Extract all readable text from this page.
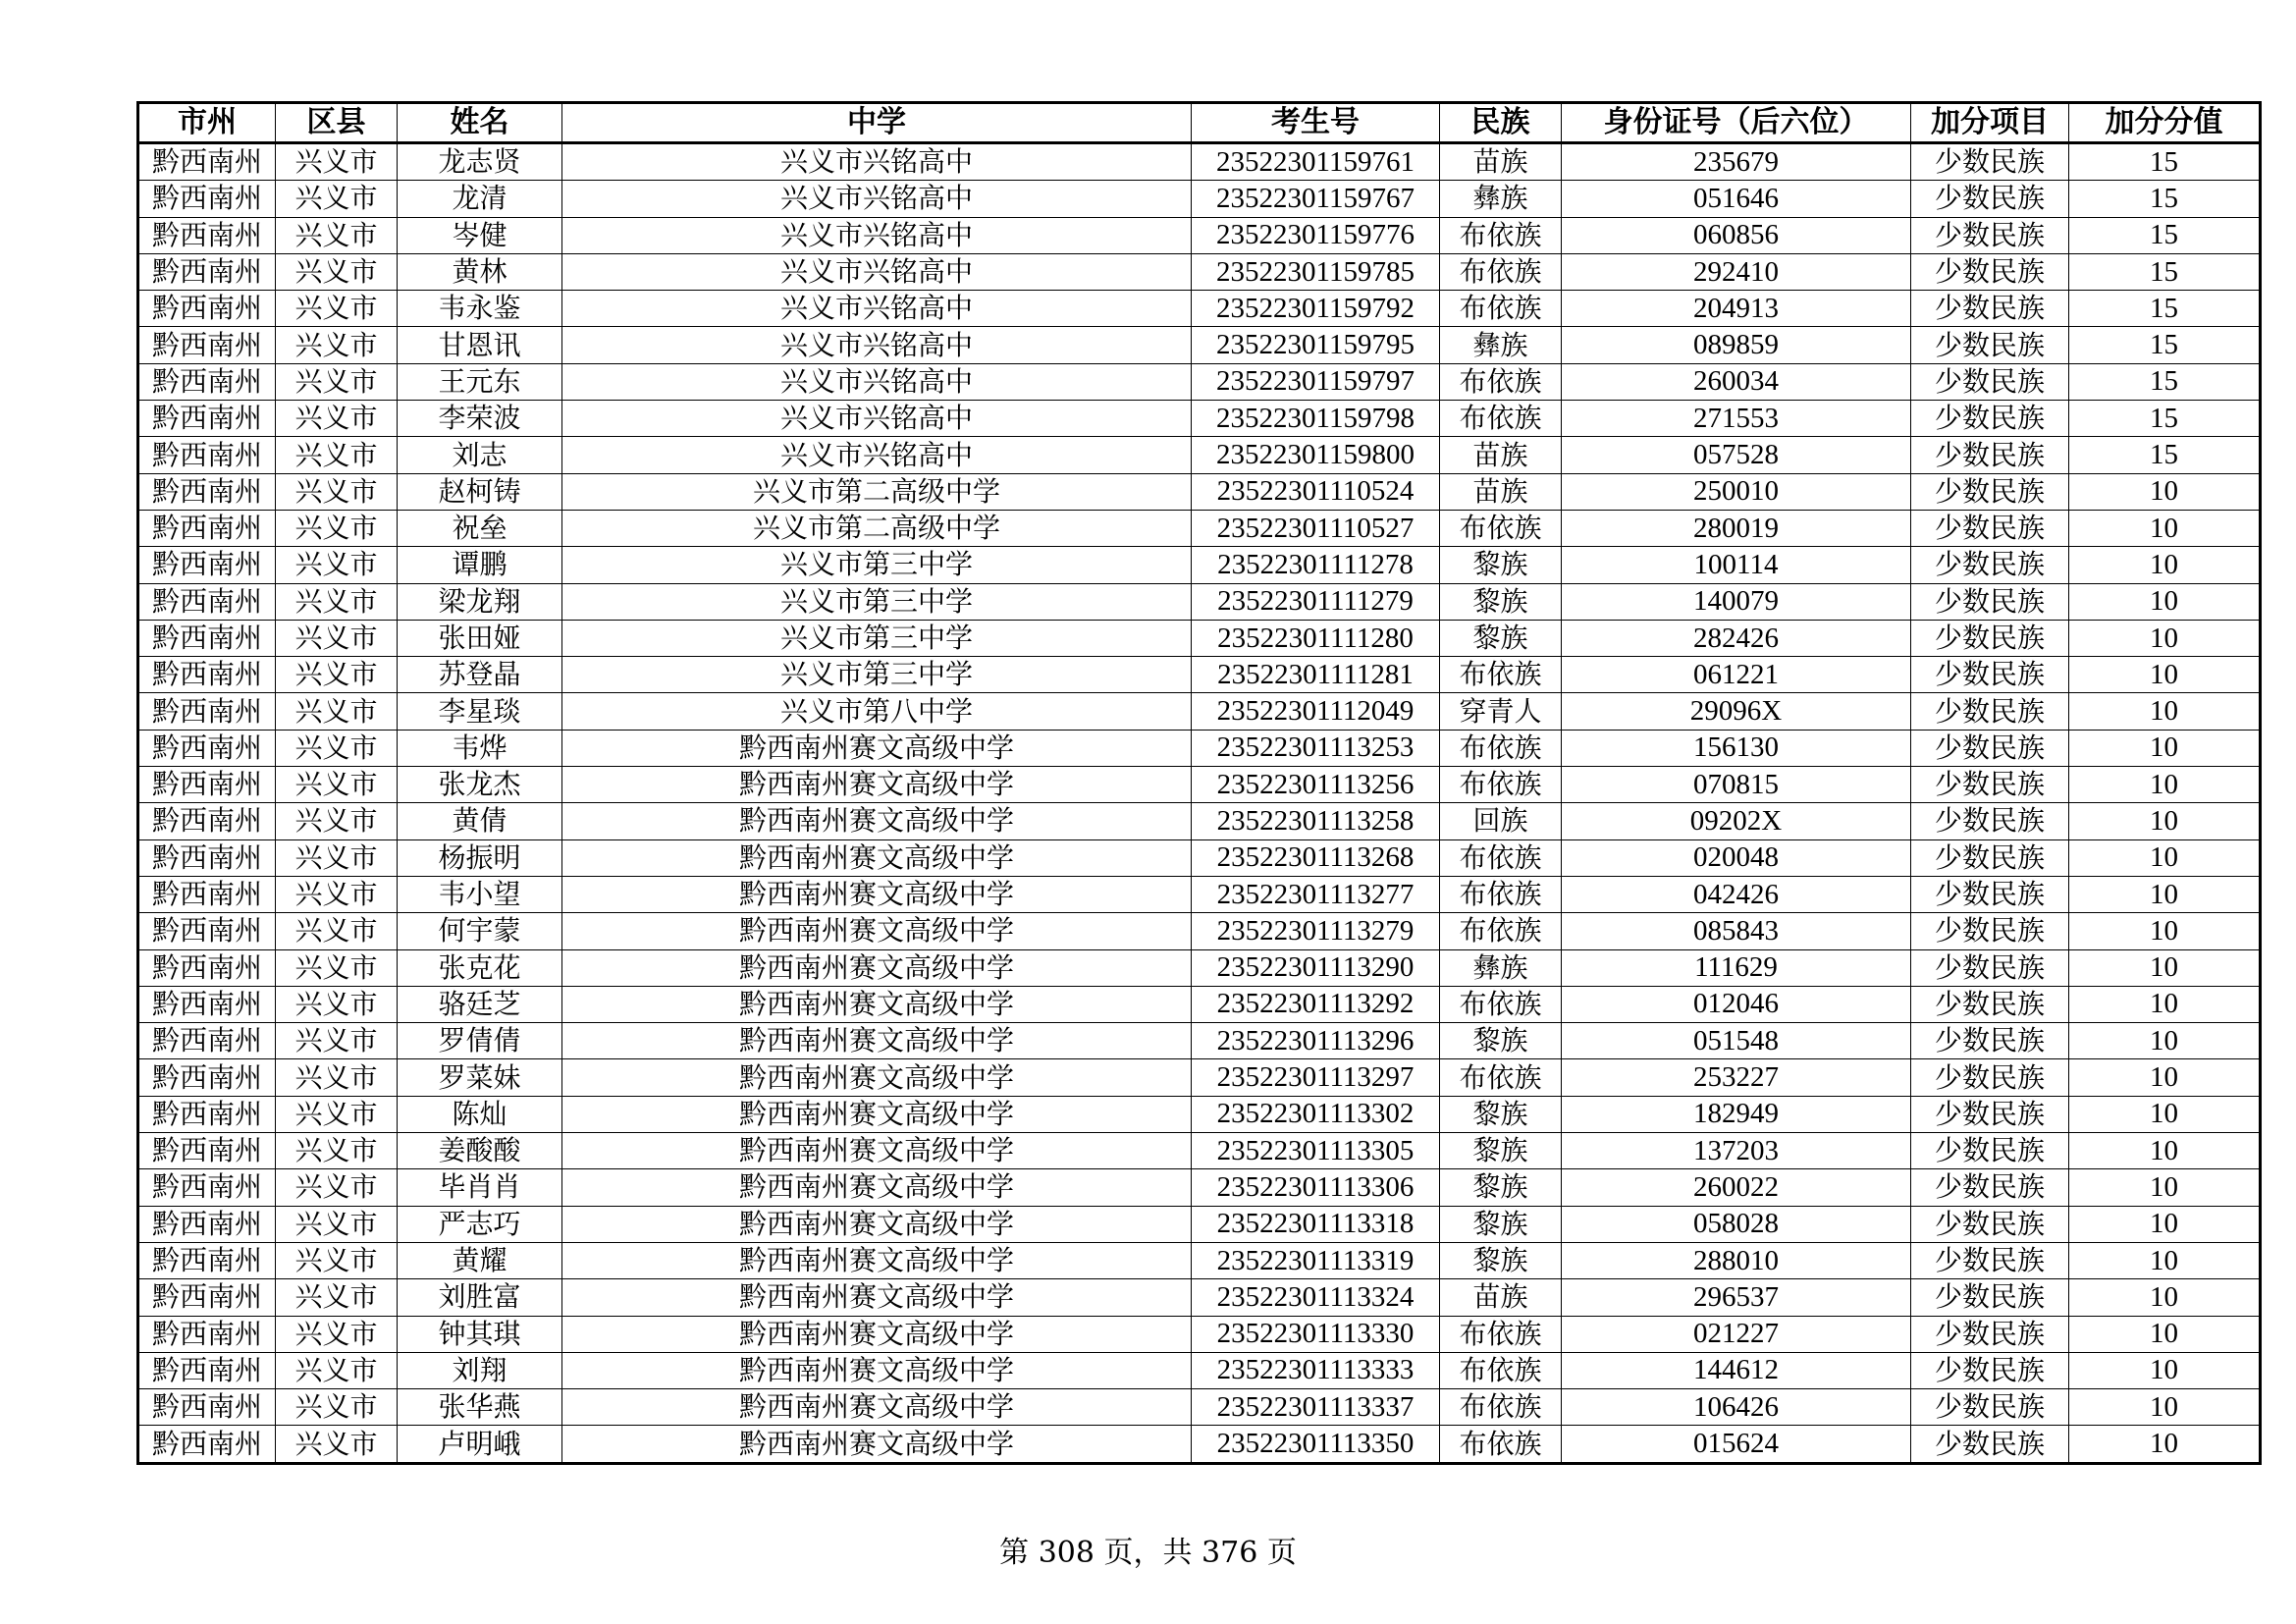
市州	区县	姓名	中学	考生号	民族	身份证号（后六位）	加分项目	加分分值
黔西南州	兴义市	龙志贤	兴义市兴铭高中	23522301159761	苗族	235679	少数民族	15
黔西南州	兴义市	龙清	兴义市兴铭高中	23522301159767	彝族	051646	少数民族	15
黔西南州	兴义市	岑健	兴义市兴铭高中	23522301159776	布依族	060856	少数民族	15
黔西南州	兴义市	黄林	兴义市兴铭高中	23522301159785	布依族	292410	少数民族	15
黔西南州	兴义市	韦永鉴	兴义市兴铭高中	23522301159792	布依族	204913	少数民族	15
黔西南州	兴义市	甘恩讯	兴义市兴铭高中	23522301159795	彝族	089859	少数民族	15
黔西南州	兴义市	王元东	兴义市兴铭高中	23522301159797	布依族	260034	少数民族	15
黔西南州	兴义市	李荣波	兴义市兴铭高中	23522301159798	布依族	271553	少数民族	15
黔西南州	兴义市	刘志	兴义市兴铭高中	23522301159800	苗族	057528	少数民族	15
黔西南州	兴义市	赵柯铸	兴义市第二高级中学	23522301110524	苗族	250010	少数民族	10
黔西南州	兴义市	祝垒	兴义市第二高级中学	23522301110527	布依族	280019	少数民族	10
黔西南州	兴义市	谭鹏	兴义市第三中学	23522301111278	黎族	100114	少数民族	10
黔西南州	兴义市	梁龙翔	兴义市第三中学	23522301111279	黎族	140079	少数民族	10
黔西南州	兴义市	张田娅	兴义市第三中学	23522301111280	黎族	282426	少数民族	10
黔西南州	兴义市	苏登晶	兴义市第三中学	23522301111281	布依族	061221	少数民族	10
黔西南州	兴义市	李星琰	兴义市第八中学	23522301112049	穿青人	29096X	少数民族	10
黔西南州	兴义市	韦烨	黔西南州赛文高级中学	23522301113253	布依族	156130	少数民族	10
黔西南州	兴义市	张龙杰	黔西南州赛文高级中学	23522301113256	布依族	070815	少数民族	10
黔西南州	兴义市	黄倩	黔西南州赛文高级中学	23522301113258	回族	09202X	少数民族	10
黔西南州	兴义市	杨振明	黔西南州赛文高级中学	23522301113268	布依族	020048	少数民族	10
黔西南州	兴义市	韦小望	黔西南州赛文高级中学	23522301113277	布依族	042426	少数民族	10
黔西南州	兴义市	何宇蒙	黔西南州赛文高级中学	23522301113279	布依族	085843	少数民族	10
黔西南州	兴义市	张克花	黔西南州赛文高级中学	23522301113290	彝族	111629	少数民族	10
黔西南州	兴义市	骆廷芝	黔西南州赛文高级中学	23522301113292	布依族	012046	少数民族	10
黔西南州	兴义市	罗倩倩	黔西南州赛文高级中学	23522301113296	黎族	051548	少数民族	10
黔西南州	兴义市	罗菜妹	黔西南州赛文高级中学	23522301113297	布依族	253227	少数民族	10
黔西南州	兴义市	陈灿	黔西南州赛文高级中学	23522301113302	黎族	182949	少数民族	10
黔西南州	兴义市	姜酸酸	黔西南州赛文高级中学	23522301113305	黎族	137203	少数民族	10
黔西南州	兴义市	毕肖肖	黔西南州赛文高级中学	23522301113306	黎族	260022	少数民族	10
黔西南州	兴义市	严志巧	黔西南州赛文高级中学	23522301113318	黎族	058028	少数民族	10
黔西南州	兴义市	黄耀	黔西南州赛文高级中学	23522301113319	黎族	288010	少数民族	10
黔西南州	兴义市	刘胜富	黔西南州赛文高级中学	23522301113324	苗族	296537	少数民族	10
黔西南州	兴义市	钟其琪	黔西南州赛文高级中学	23522301113330	布依族	021227	少数民族	10
黔西南州	兴义市	刘翔	黔西南州赛文高级中学	23522301113333	布依族	144612	少数民族	10
黔西南州	兴义市	张华燕	黔西南州赛文高级中学	23522301113337	布依族	106426	少数民族	10
黔西南州	兴义市	卢明峨	黔西南州赛文高级中学	23522301113350	布依族	015624	少数民族	10
第 308 页，共 376 页
